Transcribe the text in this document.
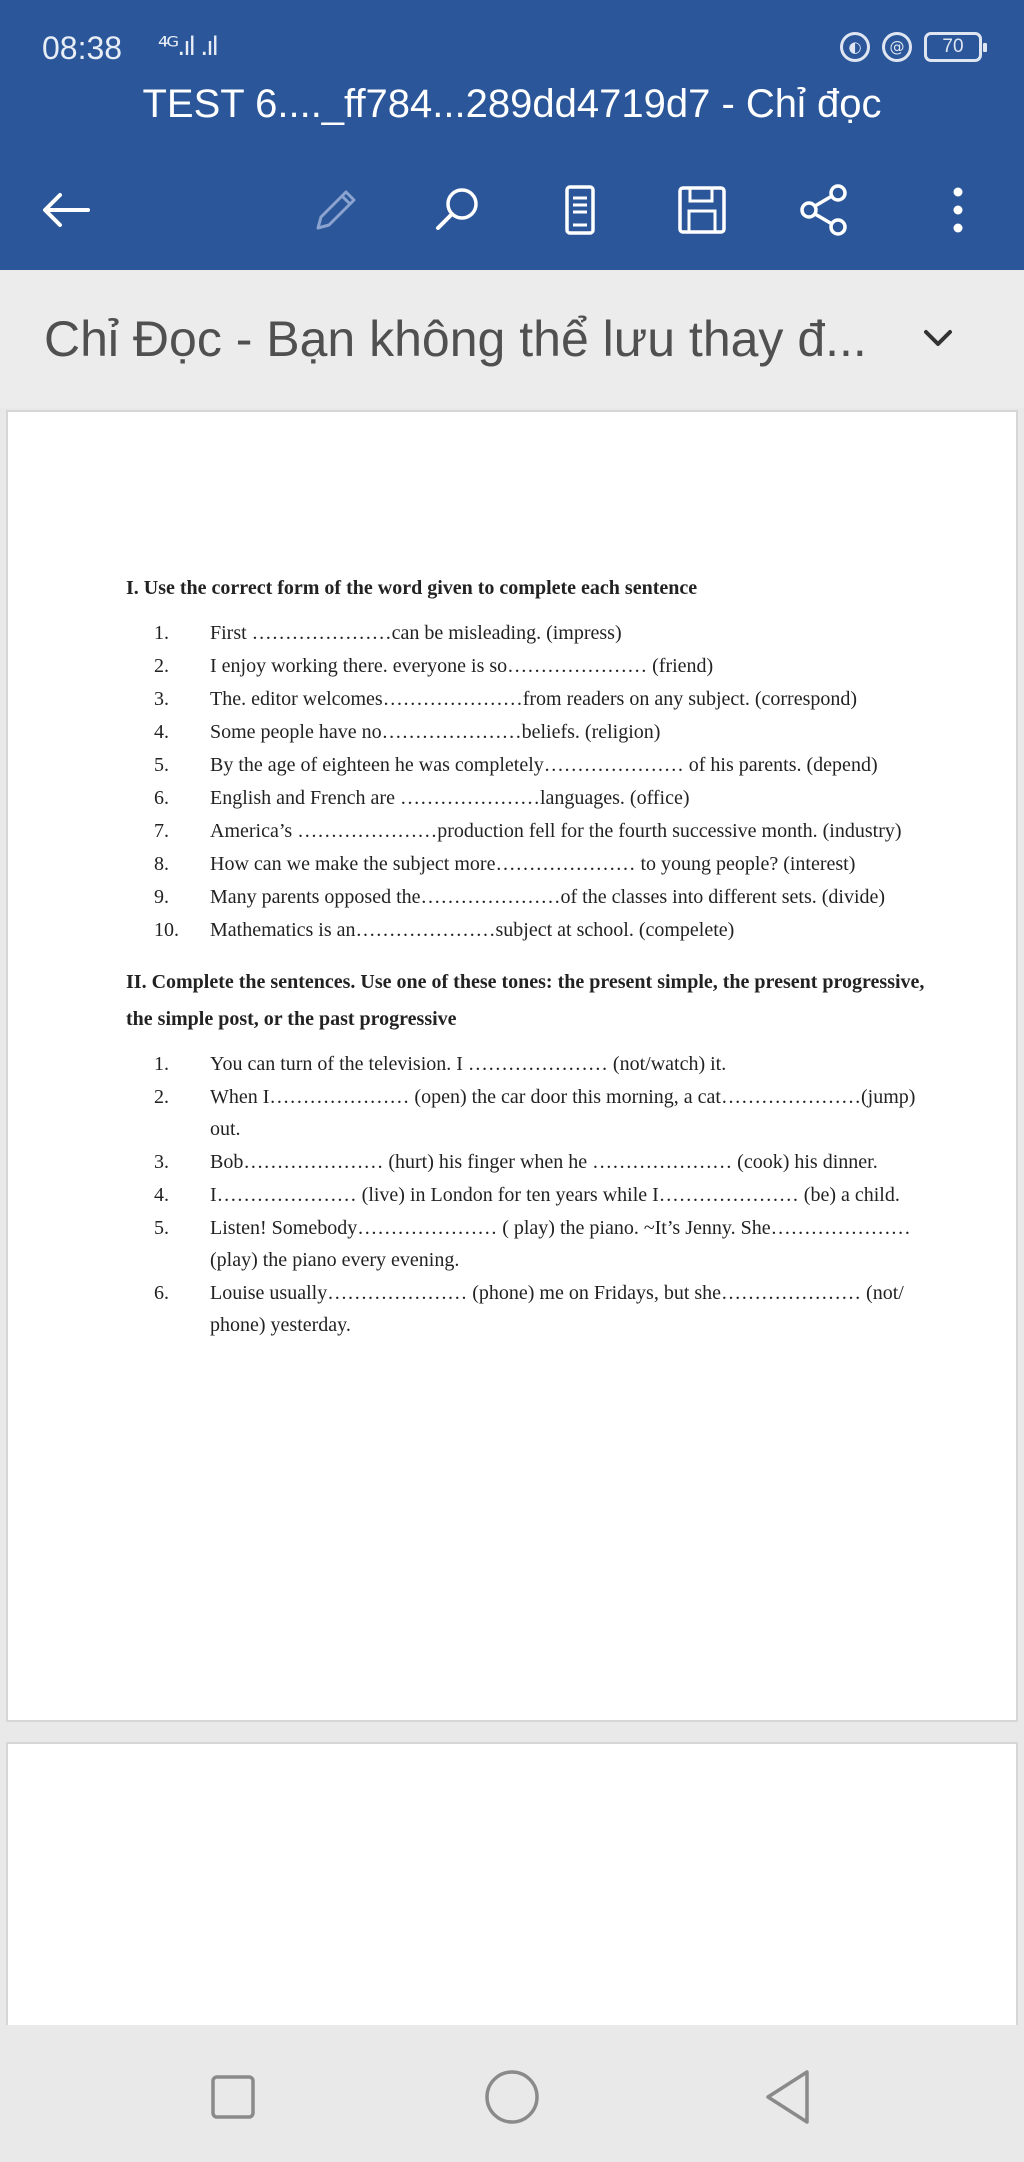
08:38 ⁴ᴳ.ıl .ıl	◐	@	70
TEST 6...._ff784...289dd4719d7 - Chỉ đọc
Chỉ Đọc - Bạn không thể lưu thay đ...
I. Use the correct form of the word given to complete each sentence
1.	First …………………can be misleading. (impress)
2.	I enjoy working there. everyone is so………………… (friend)
3.	The. editor welcomes…………………from readers on any subject. (correspond)
4.	Some people have no…………………beliefs. (religion)
5.	By the age of eighteen he was completely………………… of his parents. (depend)
6.	English and French are …………………languages. (office)
7.	America’s …………………production fell for the fourth successive month. (industry)
8.	How can we make the subject more………………… to young people? (interest)
9.	Many parents opposed the…………………of the classes into different sets. (divide)
10.	Mathematics is an…………………subject at school. (compelete)
II. Complete the sentences. Use one of these tones: the present simple, the present progressive, the simple post, or the past progressive
1.	You can turn of the television. I ………………… (not/watch) it.
2.	When I………………… (open) the car door this morning, a cat…………………(jump) out.
3.	Bob………………… (hurt) his finger when he ………………… (cook) his dinner.
4.	I………………… (live) in London for ten years while I………………… (be) a child.
5.	Listen! Somebody………………… ( play) the piano. ~It’s Jenny. She………………… (play) the piano every evening.
6.	Louise usually………………… (phone) me on Fridays, but she………………… (not/ phone) yesterday.
